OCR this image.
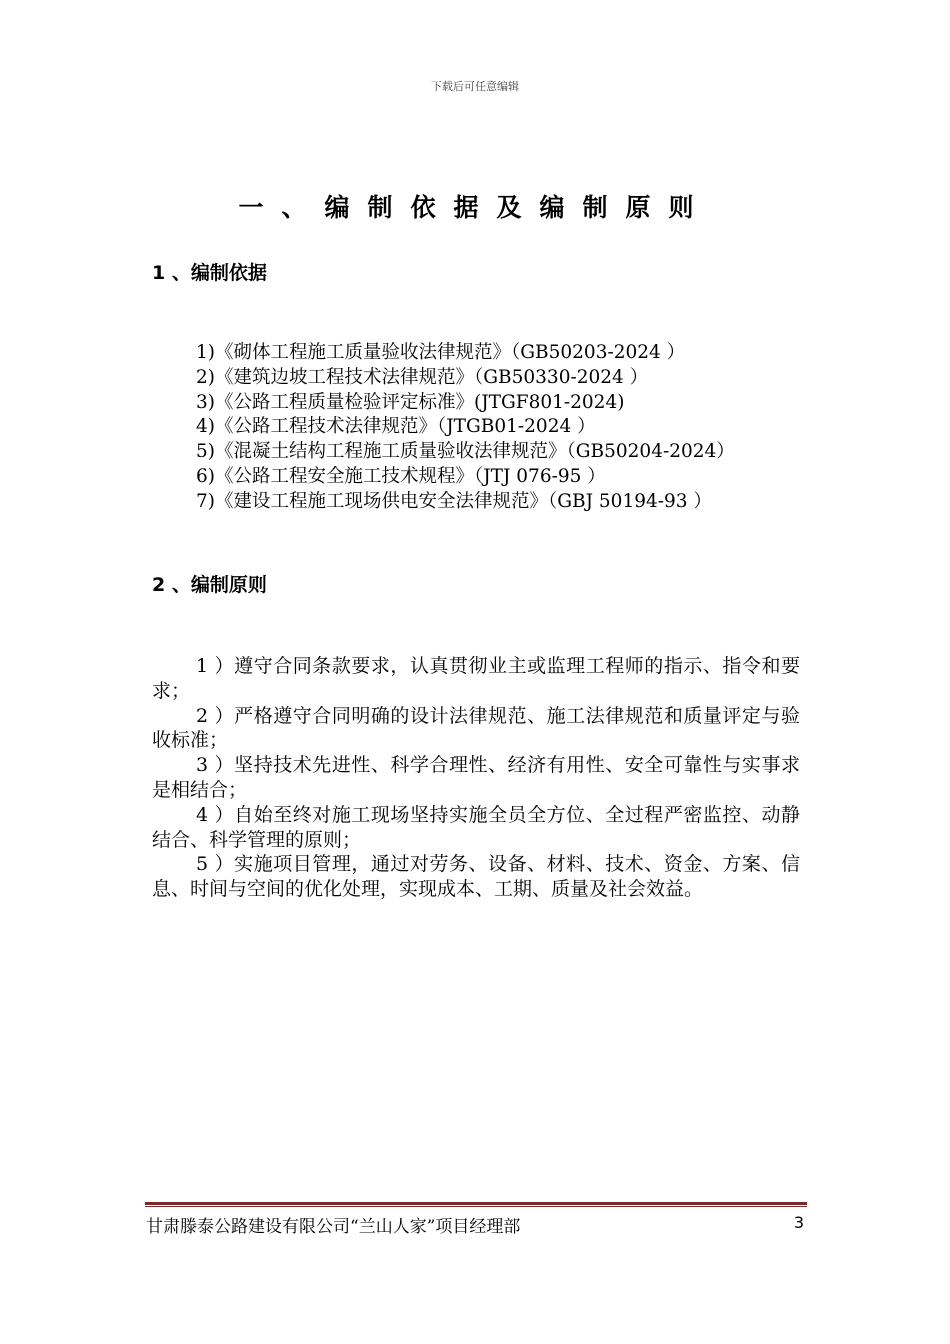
下载后可任意编辑
一、编制依据及编制原则
1 、编制依据
1)《砌体工程施工质量验收法律规范》（GB50203-2024 ）
2)《建筑边坡工程技术法律规范》（GB50330-2024 ）
3)《公路工程质量检验评定标准》(JTGF801-2024)
4)《公路工程技术法律规范》（JTGB01-2024 ）
5)《混凝土结构工程施工质量验收法律规范》（GB50204-2024）
6)《公路工程安全施工技术规程》（JTJ 076-95 ）
7)《建设工程施工现场供电安全法律规范》（GBJ 50194-93 ）
2 、编制原则
1 ）遵守合同条款要求，认真贯彻业主或监理工程师的指示、指令和要求；
2 ）严格遵守合同明确的设计法律规范、施工法律规范和质量评定与验收标准；
3 ）坚持技术先进性、科学合理性、经济有用性、安全可靠性与实事求是相结合；
4 ）自始至终对施工现场坚持实施全员全方位、全过程严密监控、动静结合、科学管理的原则；
5 ）实施项目管理，通过对劳务、设备、材料、技术、资金、方案、信息、时间与空间的优化处理，实现成本、工期、质量及社会效益。
甘肃滕泰公路建设有限公司“兰山人家”项目经理部	3
